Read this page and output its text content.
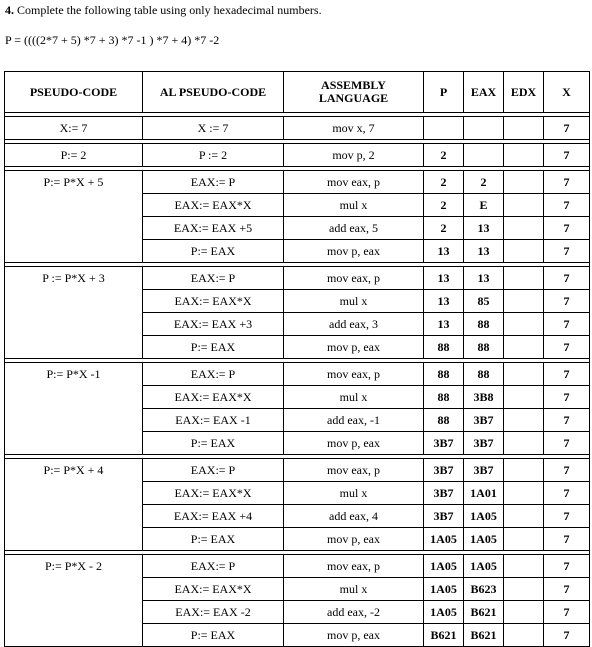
4. Complete the following table using only hexadecimal numbers.
P = ((((2*7 + 5) *7 + 3) *7 -1 ) *7 + 4) *7 -2
PSEUDO-CODE	AL PSEUDO-CODE	ASSEMBLY LANGUAGE	P	EAX	EDX	X

X:= 7	X := 7	mov x, 7				7

P:= 2	P := 2	mov p, 2	2			7

P:= P*X + 5	EAX:= P	mov eax, p	2	2		7
	EAX:= EAX*X	mul x	2	E		7
	EAX:= EAX +5	add eax, 5	2	13		7
	P:= EAX	mov p, eax	13	13		7

P := P*X + 3	EAX:= P	mov eax, p	13	13		7
	EAX:= EAX*X	mul x	13	85		7
	EAX:= EAX +3	add eax, 3	13	88		7
	P:= EAX	mov p, eax	88	88		7

P:= P*X -1	EAX:= P	mov eax, p	88	88		7
	EAX:= EAX*X	mul x	88	3B8		7
	EAX:= EAX -1	add eax, -1	88	3B7		7
	P:= EAX	mov p, eax	3B7	3B7		7

P:= P*X + 4	EAX:= P	mov eax, p	3B7	3B7		7
	EAX:= EAX*X	mul x	3B7	1A01		7
	EAX:= EAX +4	add eax, 4	3B7	1A05		7
	P:= EAX	mov p, eax	1A05	1A05		7

P:= P*X - 2	EAX:= P	mov eax, p	1A05	1A05		7
	EAX:= EAX*X	mul x	1A05	B623		7
	EAX:= EAX -2	add eax, -2	1A05	B621		7
	P:= EAX	mov p, eax	B621	B621		7
